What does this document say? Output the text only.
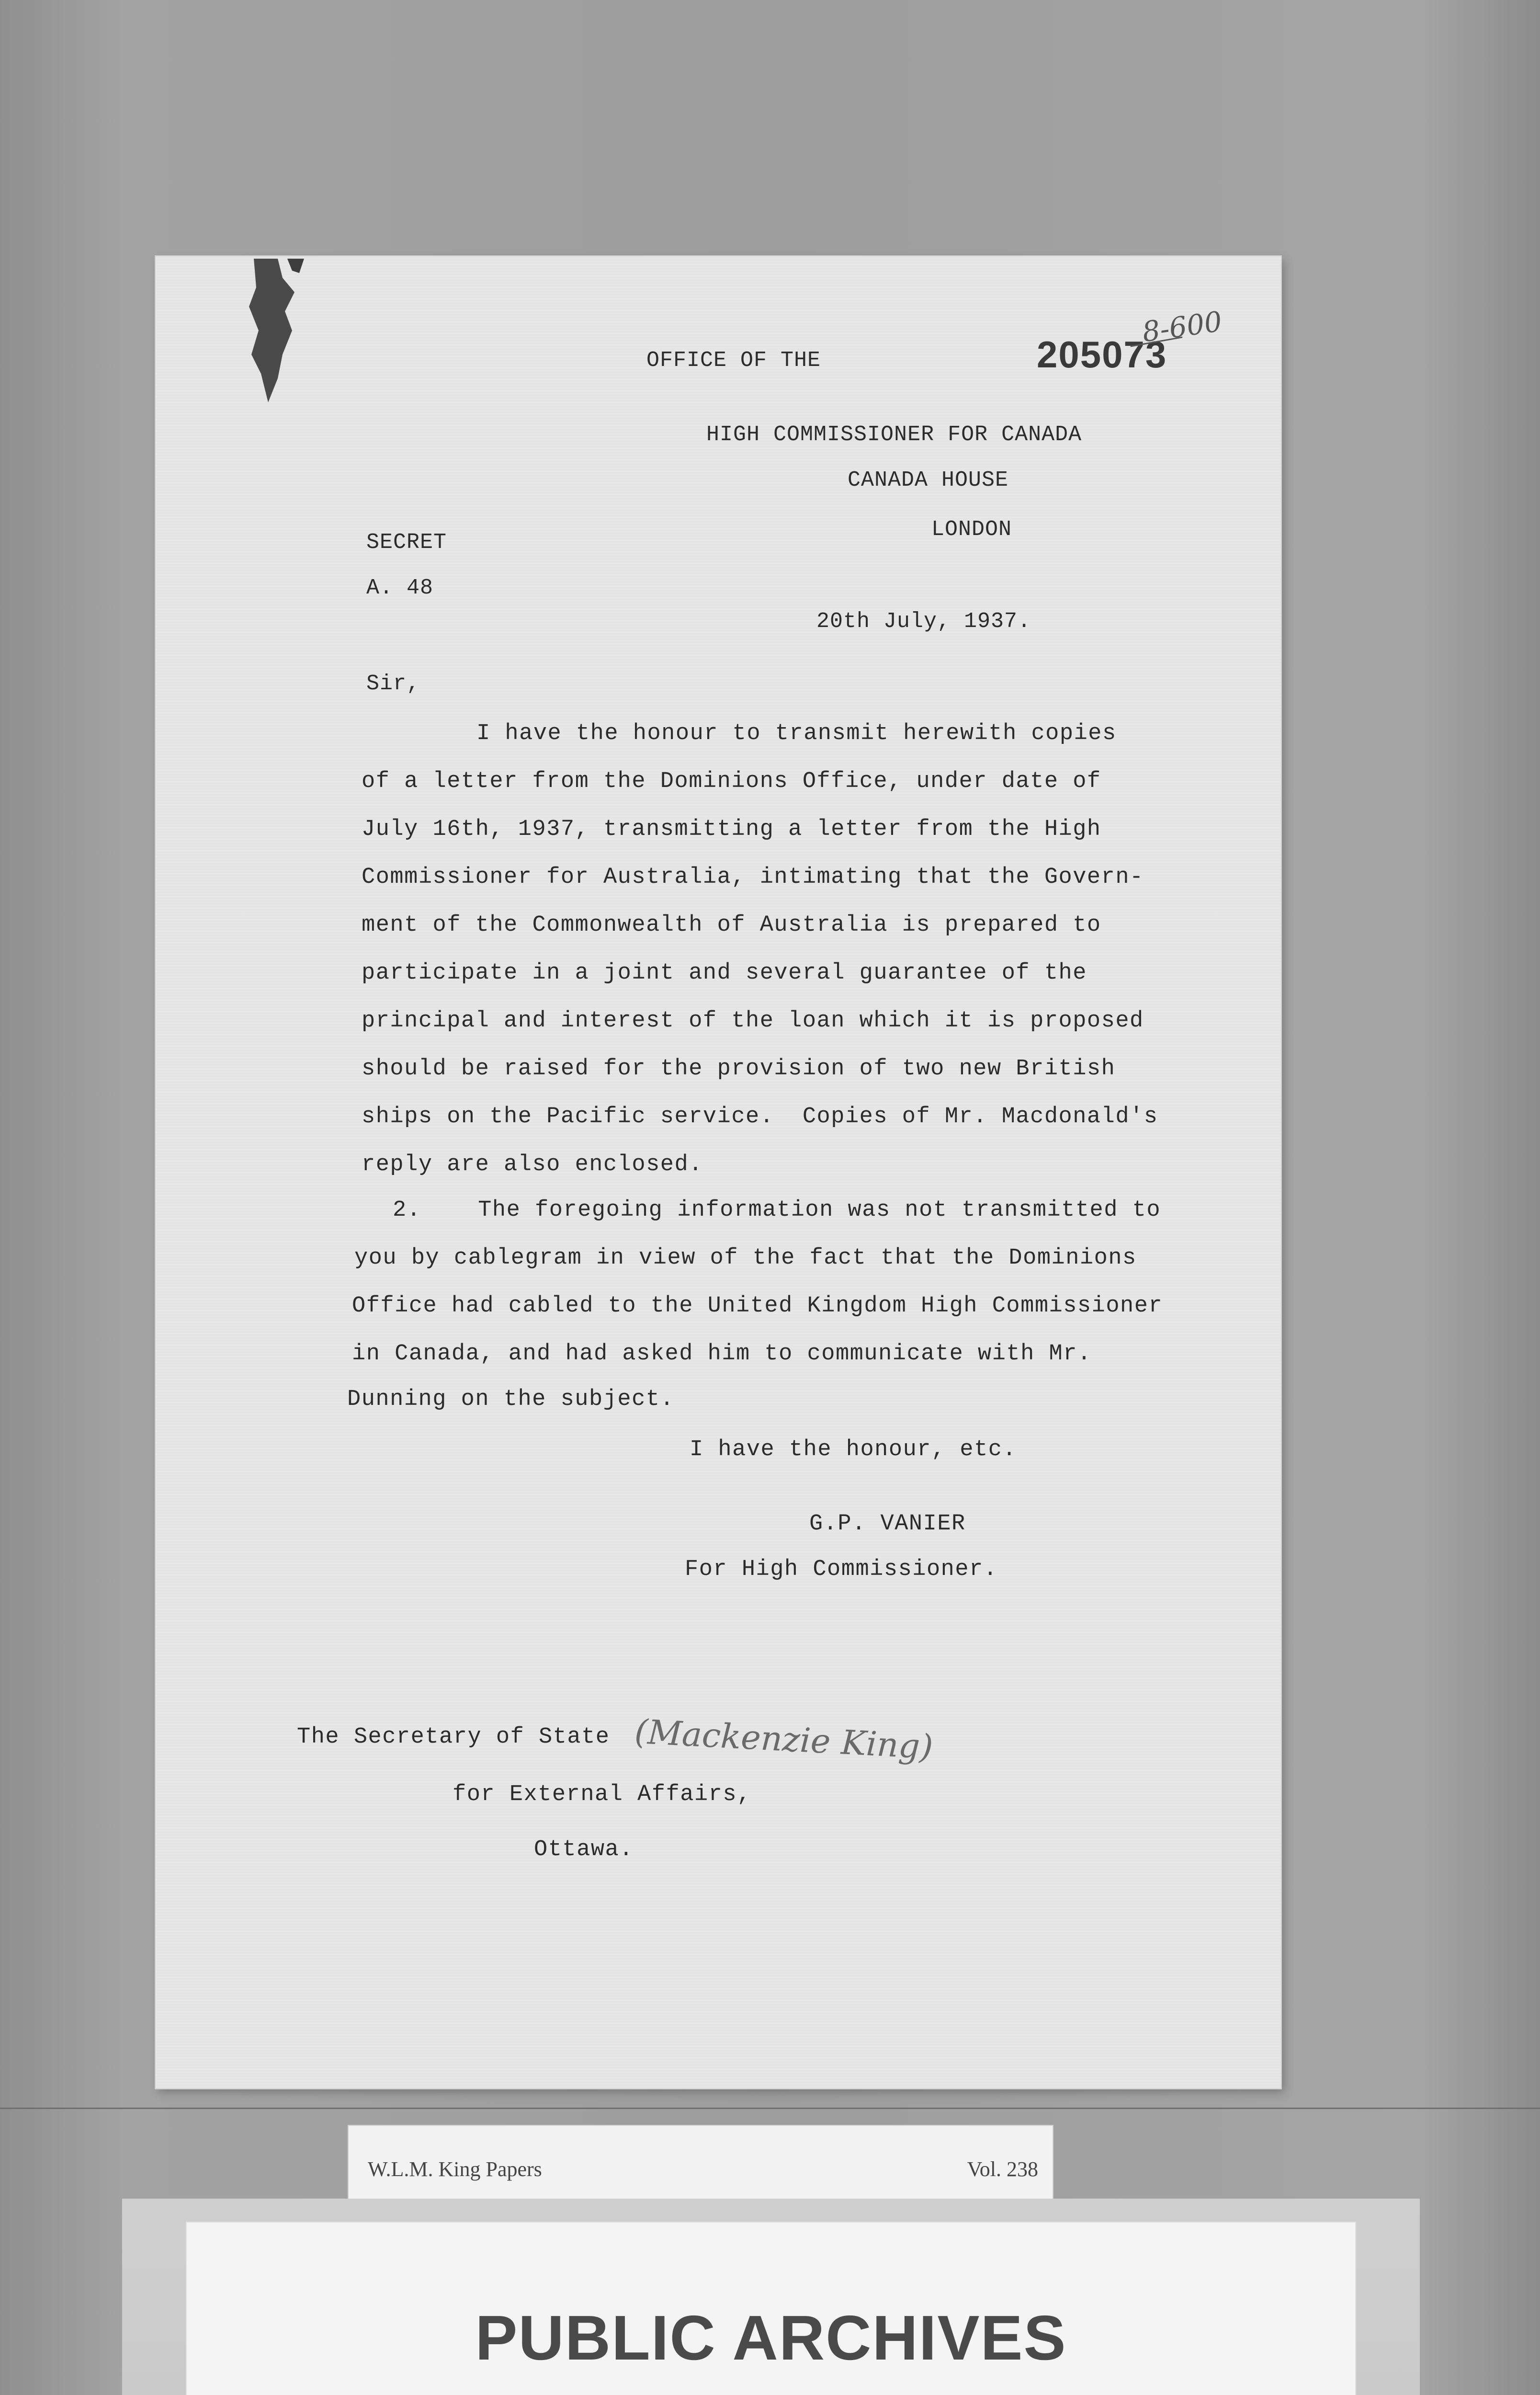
OFFICE OF THE	205073
8-600
HIGH COMMISSIONER FOR CANADA
CANADA HOUSE
LONDON
SECRET
A. 48
20th July, 1937.
Sir,
I have the honour to transmit herewith copies
of a letter from the Dominions Office, under date of
July 16th, 1937, transmitting a letter from the High
Commissioner for Australia, intimating that the Govern-
ment of the Commonwealth of Australia is prepared to
participate in a joint and several guarantee of the
principal and interest of the loan which it is proposed
should be raised for the provision of two new British
ships on the Pacific service.  Copies of Mr. Macdonald's
reply are also enclosed.
2.    The foregoing information was not transmitted to
you by cablegram in view of the fact that the Dominions
Office had cabled to the United Kingdom High Commissioner
in Canada, and had asked him to communicate with Mr.
Dunning on the subject.
I have the honour, etc.
G.P. VANIER
For High Commissioner.
The Secretary of State (Mackenzie King)
for External Affairs,
Ottawa.
W.L.M. King Papers	Vol. 238
PUBLIC ARCHIVES
